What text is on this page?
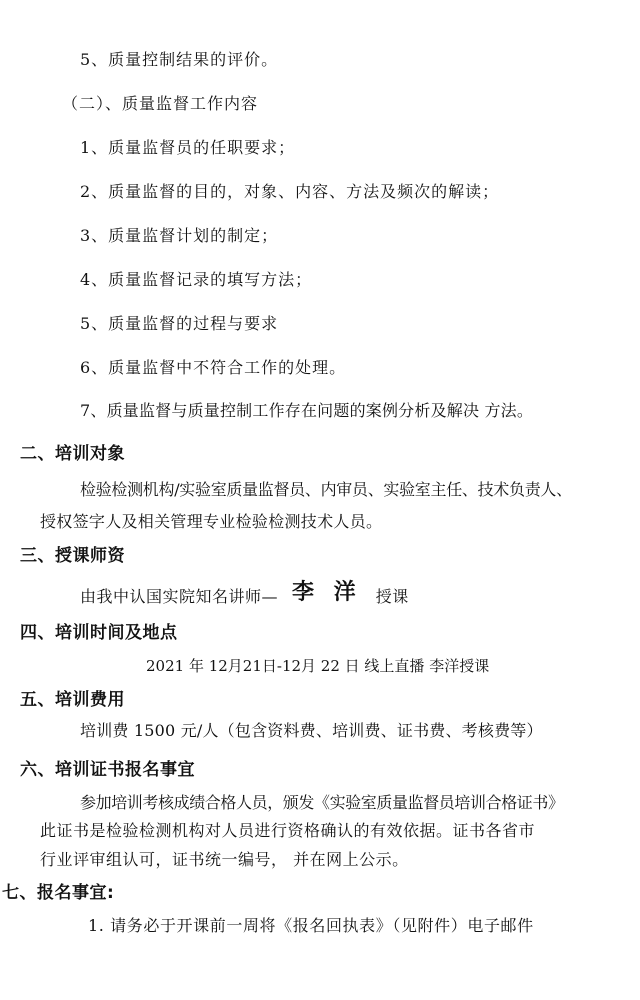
5、质量控制结果的评价。
（二）、质量监督工作内容
1、质量监督员的任职要求；
2、质量监督的目的，对象、内容、方法及频次的解读；
3、质量监督计划的制定；
4、质量监督记录的填写方法；
5、质量监督的过程与要求
6、质量监督中不符合工作的处理。
7、质量监督与质量控制工作存在问题的案例分析及解决 方法。
二、培训对象
检验检测机构/实验室质量监督员、内审员、实验室主任、技术负责人、
授权签字人及相关管理专业检验检测技术人员。
三、授课师资
由我中认国实院知名讲师— 李 洋 授课
四、培训时间及地点
2021 年 12月21日-12月 22 日 线上直播 李洋授课
五、培训费用
培训费 1500 元/人（包含资料费、培训费、证书费、考核费等）
六、培训证书报名事宜
参加培训考核成绩合格人员，颁发《实验室质量监督员培训合格证书》
此证书是检验检测机构对人员进行资格确认的有效依据。证书各省市
行业评审组认可，证书统一编号， 并在网上公示。
七、报名事宜:
1. 请务必于开课前一周将《报名回执表》（见附件）电子邮件
